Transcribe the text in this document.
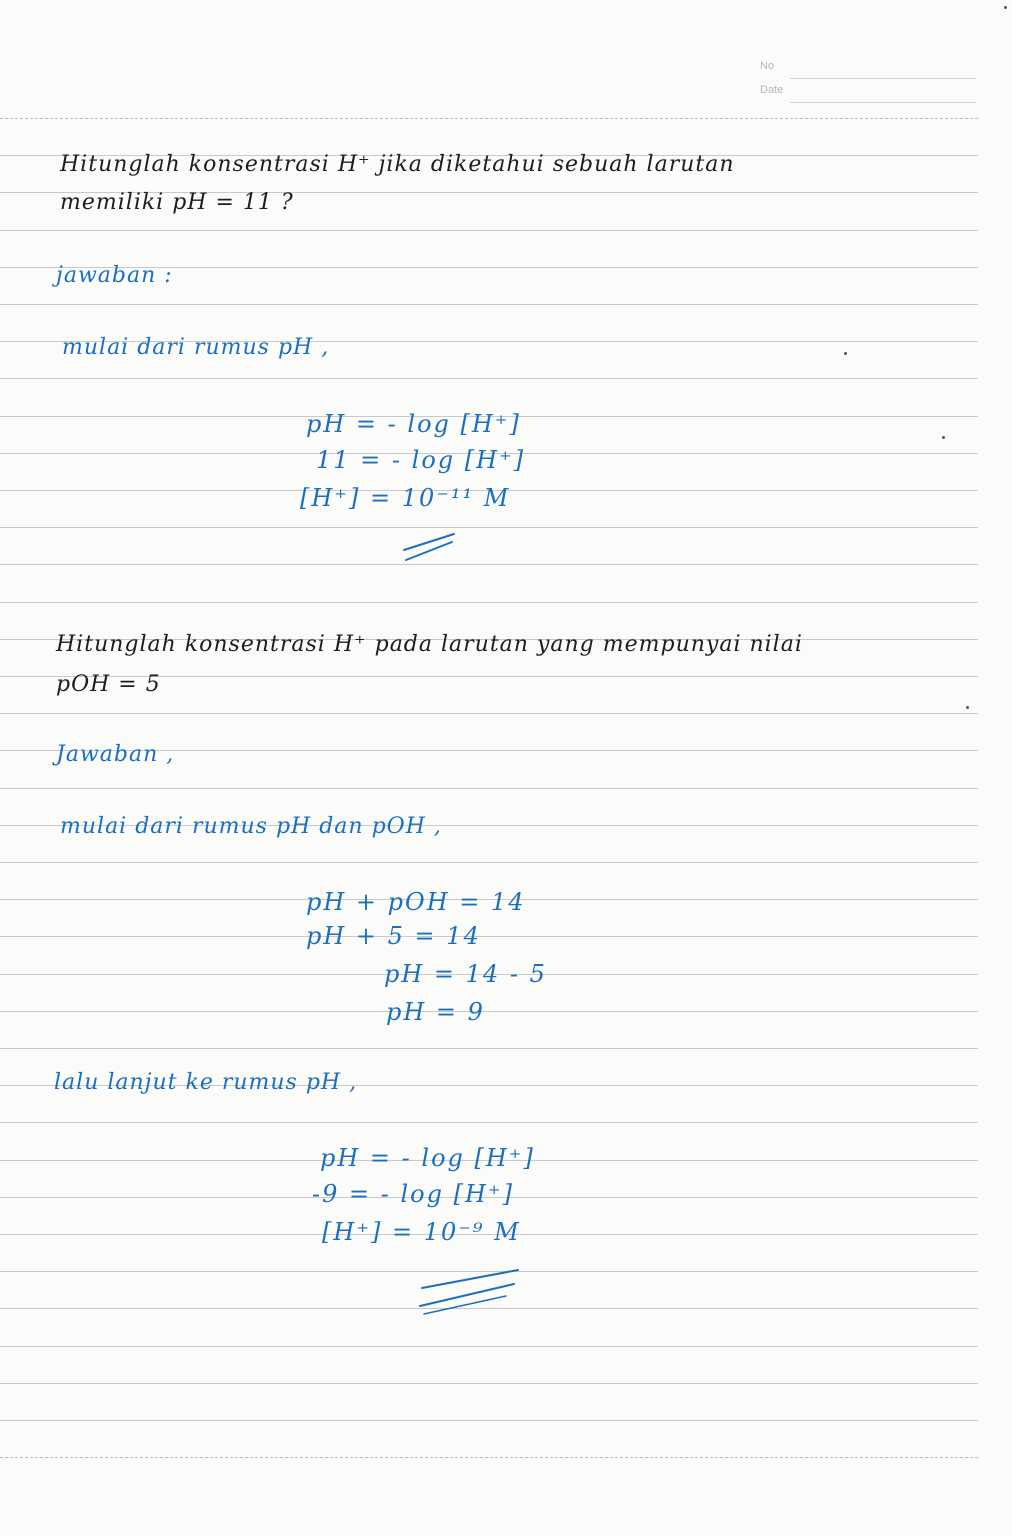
No
Date
Hitunglah konsentrasi H⁺ jika diketahui sebuah larutan
memiliki pH = 11 ?
jawaban :
mulai dari rumus pH ,
pH = - log [H⁺]
11 = - log [H⁺]
[H⁺] = 10⁻¹¹ M
Hitunglah konsentrasi H⁺ pada larutan yang mempunyai nilai
pOH = 5
Jawaban ,
mulai dari rumus pH dan pOH ,
pH + pOH = 14
pH + 5 = 14
pH = 14 - 5
pH = 9
lalu lanjut ke rumus pH ,
pH = - log [H⁺]
-9 = - log [H⁺]
[H⁺] = 10⁻⁹ M
